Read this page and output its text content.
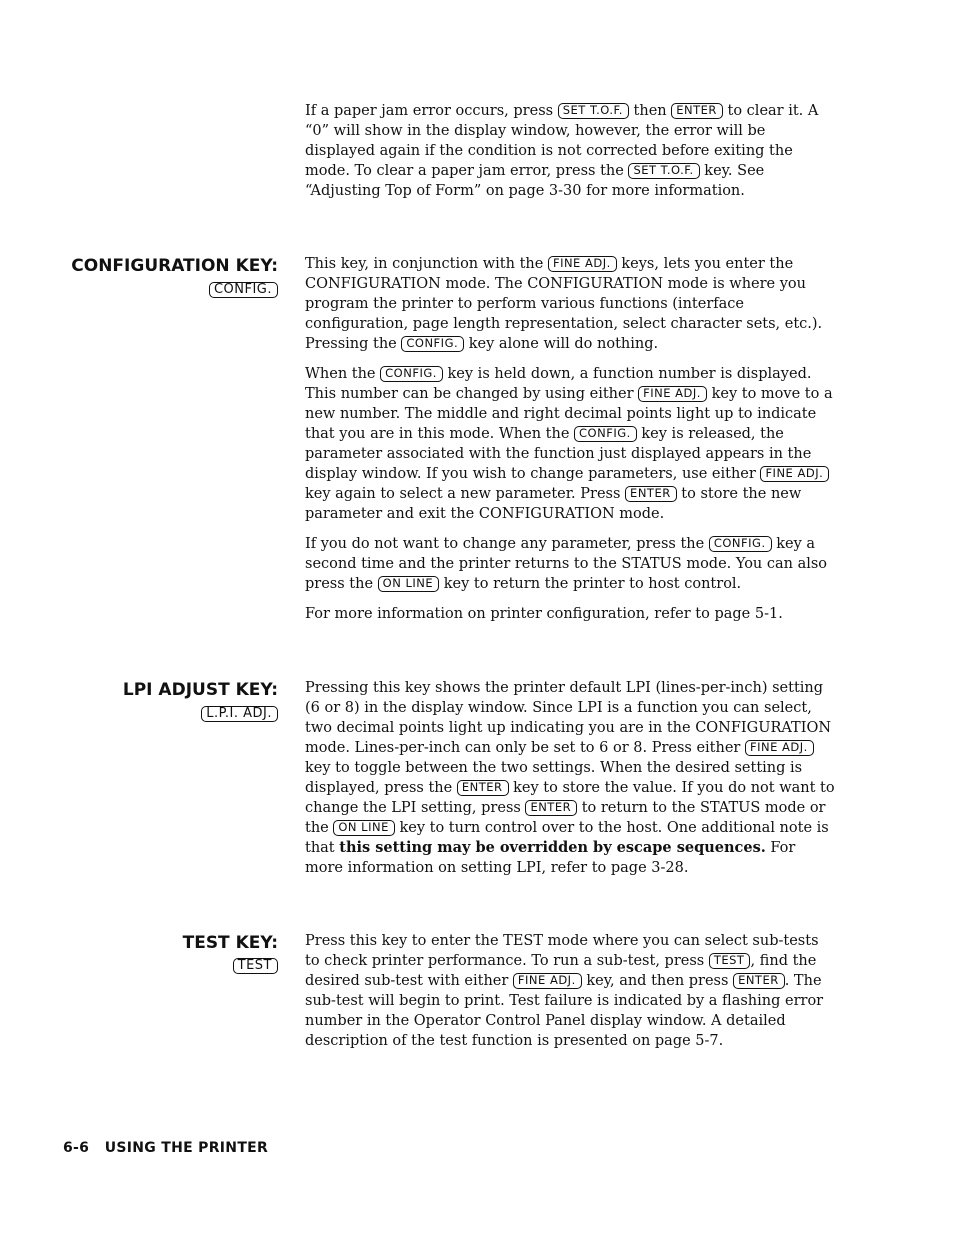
If a paper jam error occurs, press SET T.O.F. then ENTER to clear it. A “0” will show in the display window, however, the error will be displayed again if the condition is not corrected before exiting the mode. To clear a paper jam error, press the SET T.O.F. key. See “Adjusting Top of Form” on page 3-30 for more information.

CONFIGURATION KEY:
CONFIG.

This key, in conjunction with the FINE ADJ. keys, lets you enter the CONFIGURATION mode. The CONFIGURATION mode is where you program the printer to perform various functions (interface configuration, page length representation, select character sets, etc.). Pressing the CONFIG. key alone will do nothing.

When the CONFIG. key is held down, a function number is displayed. This number can be changed by using either FINE ADJ. key to move to a new number. The middle and right decimal points light up to indicate that you are in this mode. When the CONFIG. key is released, the parameter associated with the function just displayed appears in the display window. If you wish to change parameters, use either FINE ADJ. key again to select a new parameter. Press ENTER to store the new parameter and exit the CONFIGURATION mode.

If you do not want to change any parameter, press the CONFIG. key a second time and the printer returns to the STATUS mode. You can also press the ON LINE key to return the printer to host control.

For more information on printer configuration, refer to page 5-1.

LPI ADJUST KEY:
L.P.I. ADJ.

Pressing this key shows the printer default LPI (lines-per-inch) setting (6 or 8) in the display window. Since LPI is a function you can select, two decimal points light up indicating you are in the CONFIGURATION mode. Lines-per-inch can only be set to 6 or 8. Press either FINE ADJ. key to toggle between the two settings. When the desired setting is displayed, press the ENTER key to store the value. If you do not want to change the LPI setting, press ENTER to return to the STATUS mode or the ON LINE key to turn control over to the host. One additional note is that this setting may be overridden by escape sequences. For more information on setting LPI, refer to page 3-28.

TEST KEY:
TEST

Press this key to enter the TEST mode where you can select sub-tests to check printer performance. To run a sub-test, press TEST , find the desired sub-test with either FINE ADJ. key, and then press ENTER . The sub-test will begin to print. Test failure is indicated by a flashing error number in the Operator Control Panel display window. A detailed description of the test function is presented on page 5-7.

6-6   USING THE PRINTER
